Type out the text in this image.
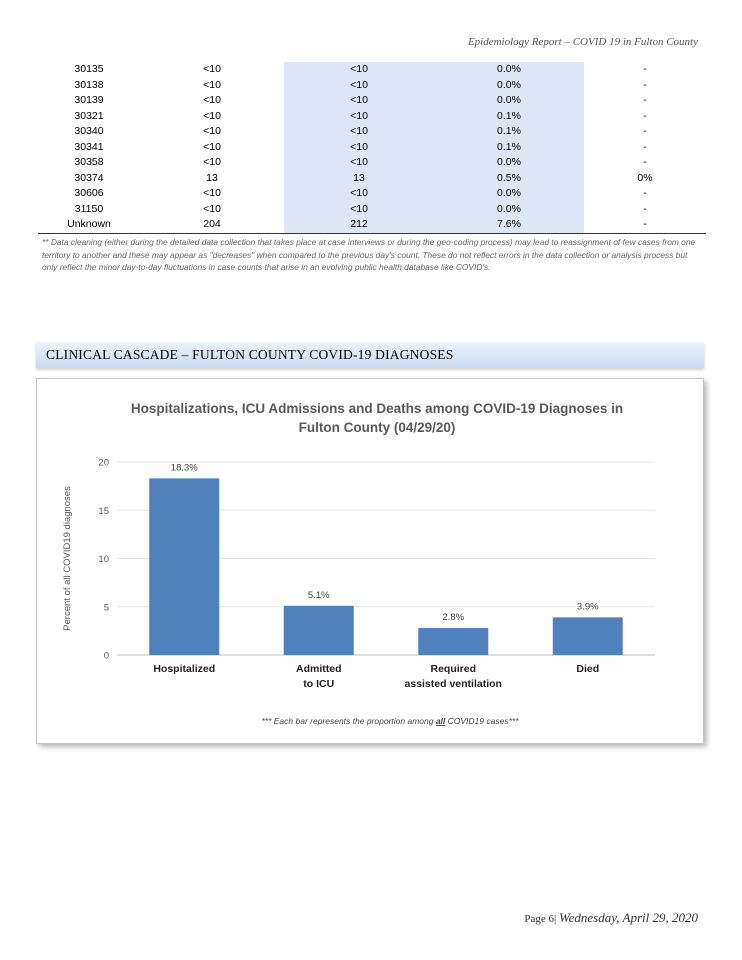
Epidemiology Report – COVID 19 in Fulton County
30135	<10	<10	0.0%	-
30138	<10	<10	0.0%	-
30139	<10	<10	0.0%	-
30321	<10	<10	0.1%	-
30340	<10	<10	0.1%	-
30341	<10	<10	0.1%	-
30358	<10	<10	0.0%	-
30374	13	13	0.5%	0%
30606	<10	<10	0.0%	-
31150	<10	<10	0.0%	-
Unknown	204	212	7.6%	-
** Data cleaning (either during the detailed data collection that takes place at case interviews or during the geo-coding process) may lead to reassignment of few cases from one territory to another and these may appear as "decreases" when compared to the previous day's count. These do not reflect errors in the data collection or analysis process but only reflect the minor day-to-day fluctuations in case counts that arise in an evolving public health database like COVID's.
CLINICAL CASCADE – FULTON COUNTY COVID-19 DIAGNOSES
Hospitalizations, ICU Admissions and Deaths among COVID-19 Diagnoses in Fulton County (04/29/20)
0
5
10
15
20
Percent of all COVID19 diagnoses
18.3%
Hospitalized
5.1%
Admitted
to ICU
2.8%
Required
assisted ventilation
3.9%
Died
*** Each bar represents the proportion among all COVID19 cases***
Page 6| Wednesday, April 29, 2020
